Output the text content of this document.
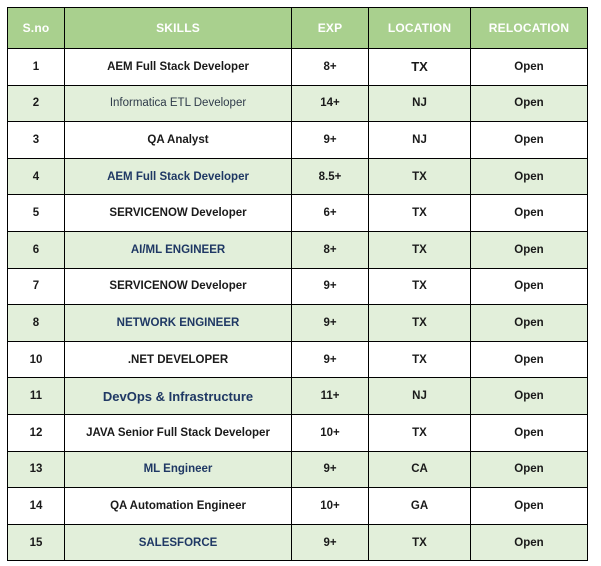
S.no	SKILLS	EXP	LOCATION	RELOCATION
1	AEM Full Stack Developer	8+	TX	Open
2	Informatica ETL Developer	14+	NJ	Open
3	QA Analyst	9+	NJ	Open
4	AEM Full Stack Developer	8.5+	TX	Open
5	SERVICENOW Developer	6+	TX	Open
6	AI/ML ENGINEER	8+	TX	Open
7	SERVICENOW Developer	9+	TX	Open
8	NETWORK ENGINEER	9+	TX	Open
10	.NET DEVELOPER	9+	TX	Open
11	DevOps & Infrastructure	11+	NJ	Open
12	JAVA Senior Full Stack Developer	10+	TX	Open
13	ML Engineer	9+	CA	Open
14	QA Automation Engineer	10+	GA	Open
15	SALESFORCE	9+	TX	Open
